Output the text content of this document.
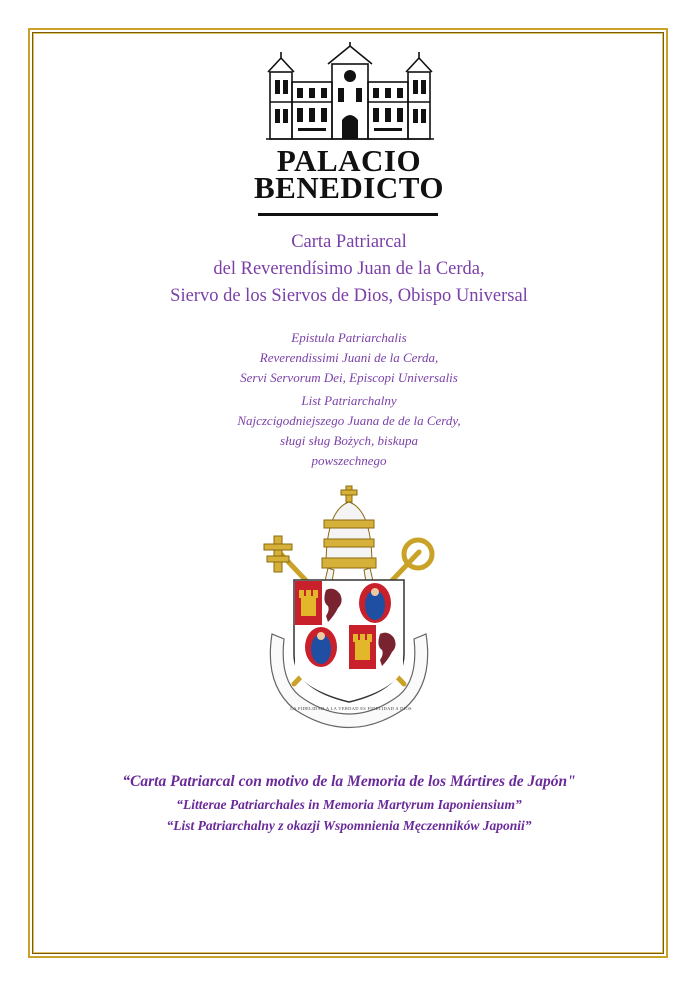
PALACIO
BENEDICTO
Carta Patriarcal
del Reverendísimo Juan de la Cerda,
Siervo de los Siervos de Dios, Obispo Universal
Epistula Patriarchalis
Reverendissimi Juani de la Cerda,
Servi Servorum Dei, Episcopi Universalis
List Patriarchalny
Najczcigodniejszego Juana de de la Cerdy,
sługi sług Bożych, biskupa
powszechnego
LA FIDELIDAD A LA VERDAD ES FIDELIDAD A DIOS
“Carta Patriarcal con motivo de la Memoria de los Mártires de Japón"
“Litterae Patriarchales in Memoria Martyrum Iaponiensium”
“List Patriarchalny z okazji Wspomnienia Męczenników Japonii”
